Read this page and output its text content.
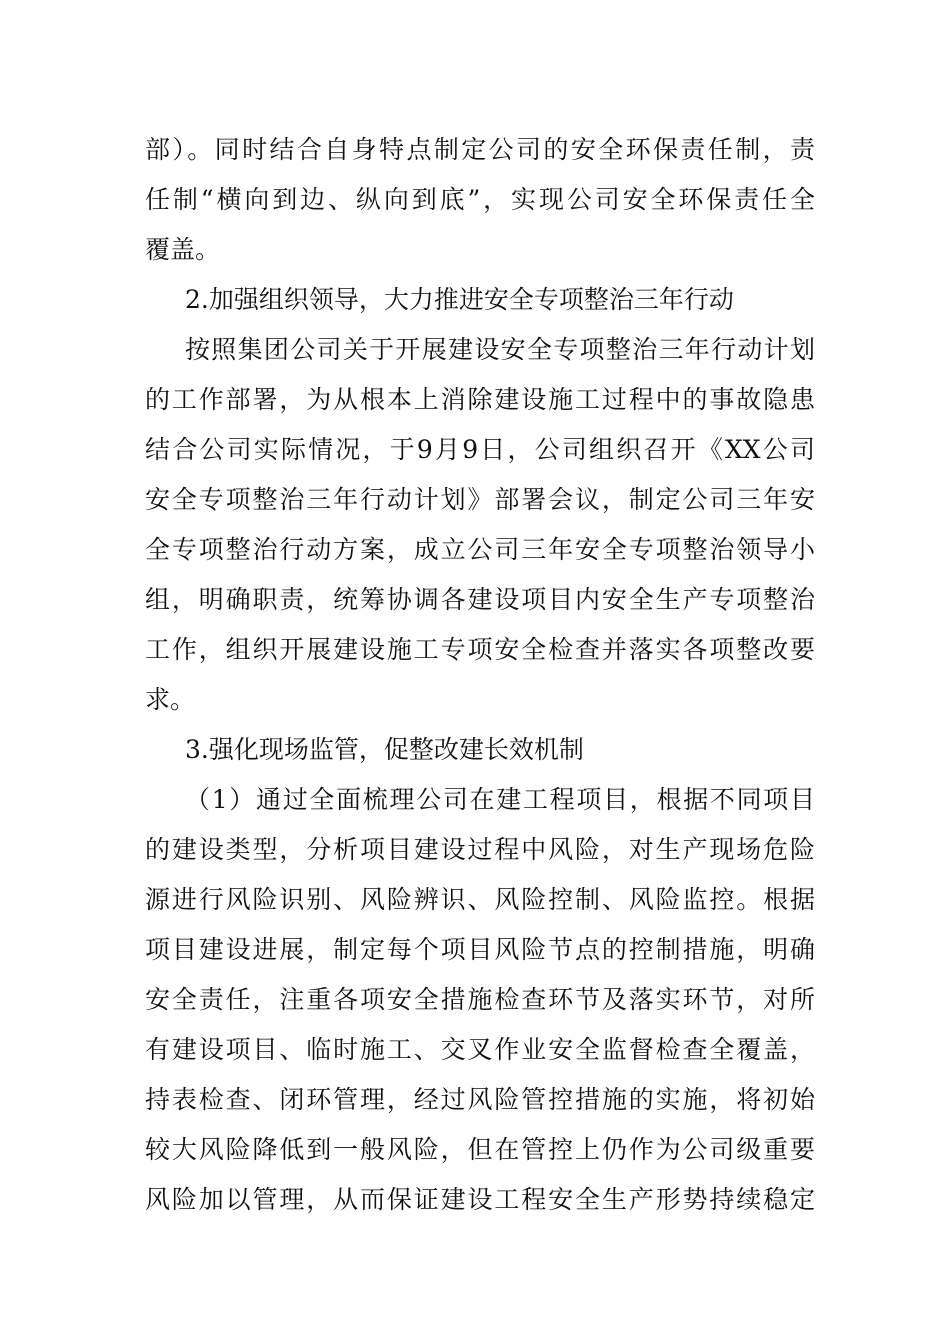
部）。同时结合自身特点制定公司的安全环保责任制，责
任制“横向到边、纵向到底”，实现公司安全环保责任全
覆盖。
2.加强组织领导，大力推进安全专项整治三年行动
按照集团公司关于开展建设安全专项整治三年行动计划
的工作部署，为从根本上消除建设施工过程中的事故隐患
结合公司实际情况，于9月9日，公司组织召开《XX公司
安全专项整治三年行动计划》部署会议，制定公司三年安
全专项整治行动方案，成立公司三年安全专项整治领导小
组，明确职责，统筹协调各建设项目内安全生产专项整治
工作，组织开展建设施工专项安全检查并落实各项整改要
求。
3.强化现场监管，促整改建长效机制
（1）通过全面梳理公司在建工程项目，根据不同项目
的建设类型，分析项目建设过程中风险，对生产现场危险
源进行风险识别、风险辨识、风险控制、风险监控。根据
项目建设进展，制定每个项目风险节点的控制措施，明确
安全责任，注重各项安全措施检查环节及落实环节，对所
有建设项目、临时施工、交叉作业安全监督检查全覆盖，
持表检查、闭环管理，经过风险管控措施的实施，将初始
较大风险降低到一般风险，但在管控上仍作为公司级重要
风险加以管理，从而保证建设工程安全生产形势持续稳定
